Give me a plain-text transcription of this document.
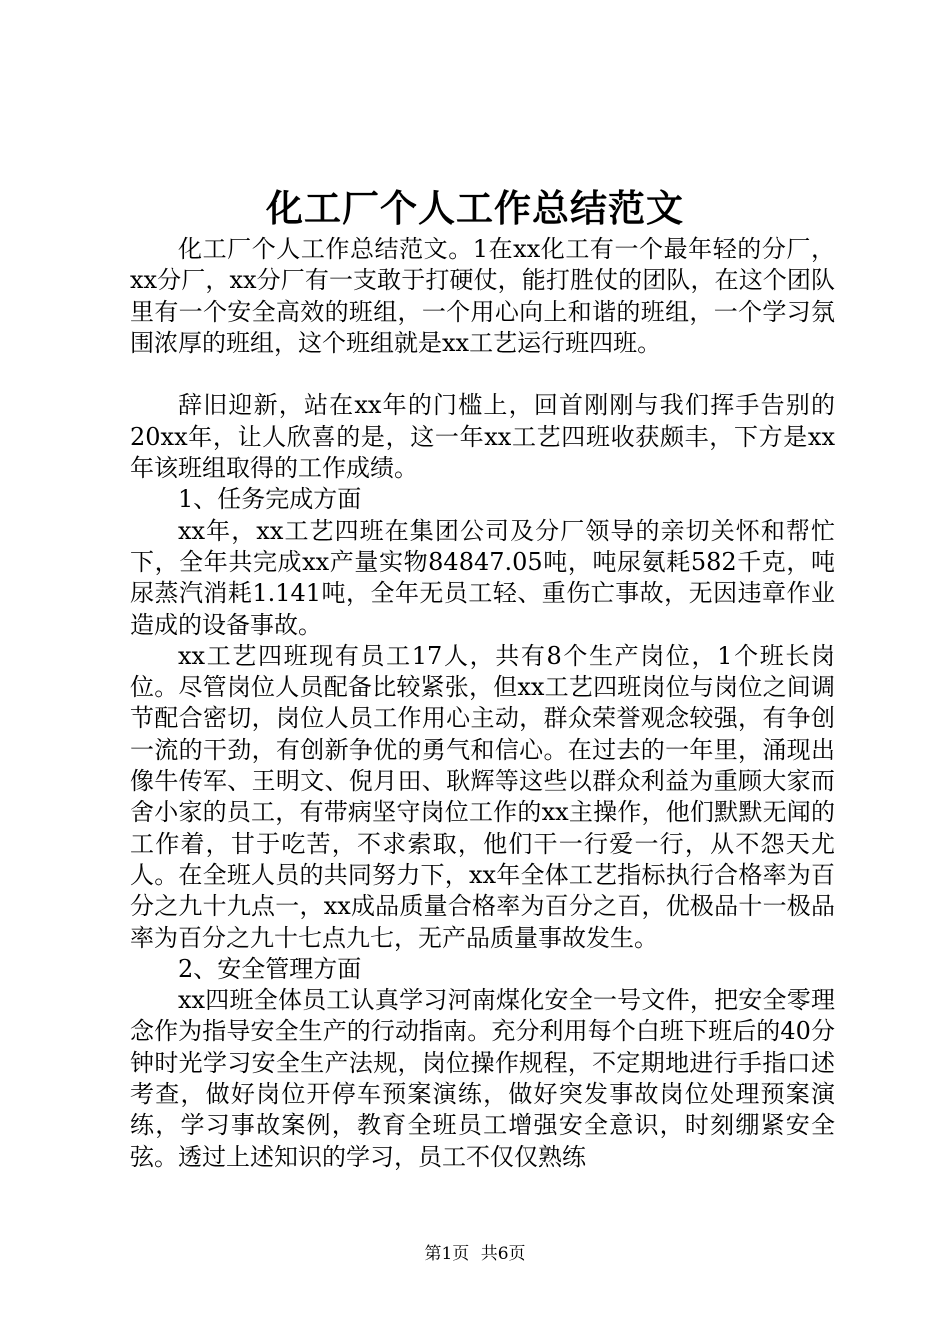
化工厂个人工作总结范文

化工厂个人工作总结范文。1在xx化工有一个最年轻的分厂，xx分厂，xx分厂有一支敢于打硬仗，能打胜仗的团队，在这个团队里有一个安全高效的班组，一个用心向上和谐的班组，一个学习氛围浓厚的班组，这个班组就是xx工艺运行班四班。

辞旧迎新，站在xx年的门槛上，回首刚刚与我们挥手告别的20xx年，让人欣喜的是，这一年xx工艺四班收获颇丰，下方是xx年该班组取得的工作成绩。

1、任务完成方面

xx年，xx工艺四班在集团公司及分厂领导的亲切关怀和帮忙下，全年共完成xx产量实物84847.05吨，吨尿氨耗582千克，吨尿蒸汽消耗1.141吨，全年无员工轻、重伤亡事故，无因违章作业造成的设备事故。

xx工艺四班现有员工17人，共有8个生产岗位，1个班长岗位。尽管岗位人员配备比较紧张，但xx工艺四班岗位与岗位之间调节配合密切，岗位人员工作用心主动，群众荣誉观念较强，有争创一流的干劲，有创新争优的勇气和信心。在过去的一年里，涌现出像牛传军、王明文、倪月田、耿辉等这些以群众利益为重顾大家而舍小家的员工，有带病坚守岗位工作的xx主操作，他们默默无闻的工作着，甘于吃苦，不求索取，他们干一行爱一行，从不怨天尤人。在全班人员的共同努力下，xx年全体工艺指标执行合格率为百分之九十九点一，xx成品质量合格率为百分之百，优极品十一极品率为百分之九十七点九七，无产品质量事故发生。

2、安全管理方面

xx四班全体员工认真学习河南煤化安全一号文件，把安全零理念作为指导安全生产的行动指南。充分利用每个白班下班后的40分钟时光学习安全生产法规，岗位操作规程，不定期地进行手指口述考查，做好岗位开停车预案演练，做好突发事故岗位处理预案演练，学习事故案例，教育全班员工增强安全意识，时刻绷紧安全弦。透过上述知识的学习，员工不仅仅熟练

第1页 共6页
